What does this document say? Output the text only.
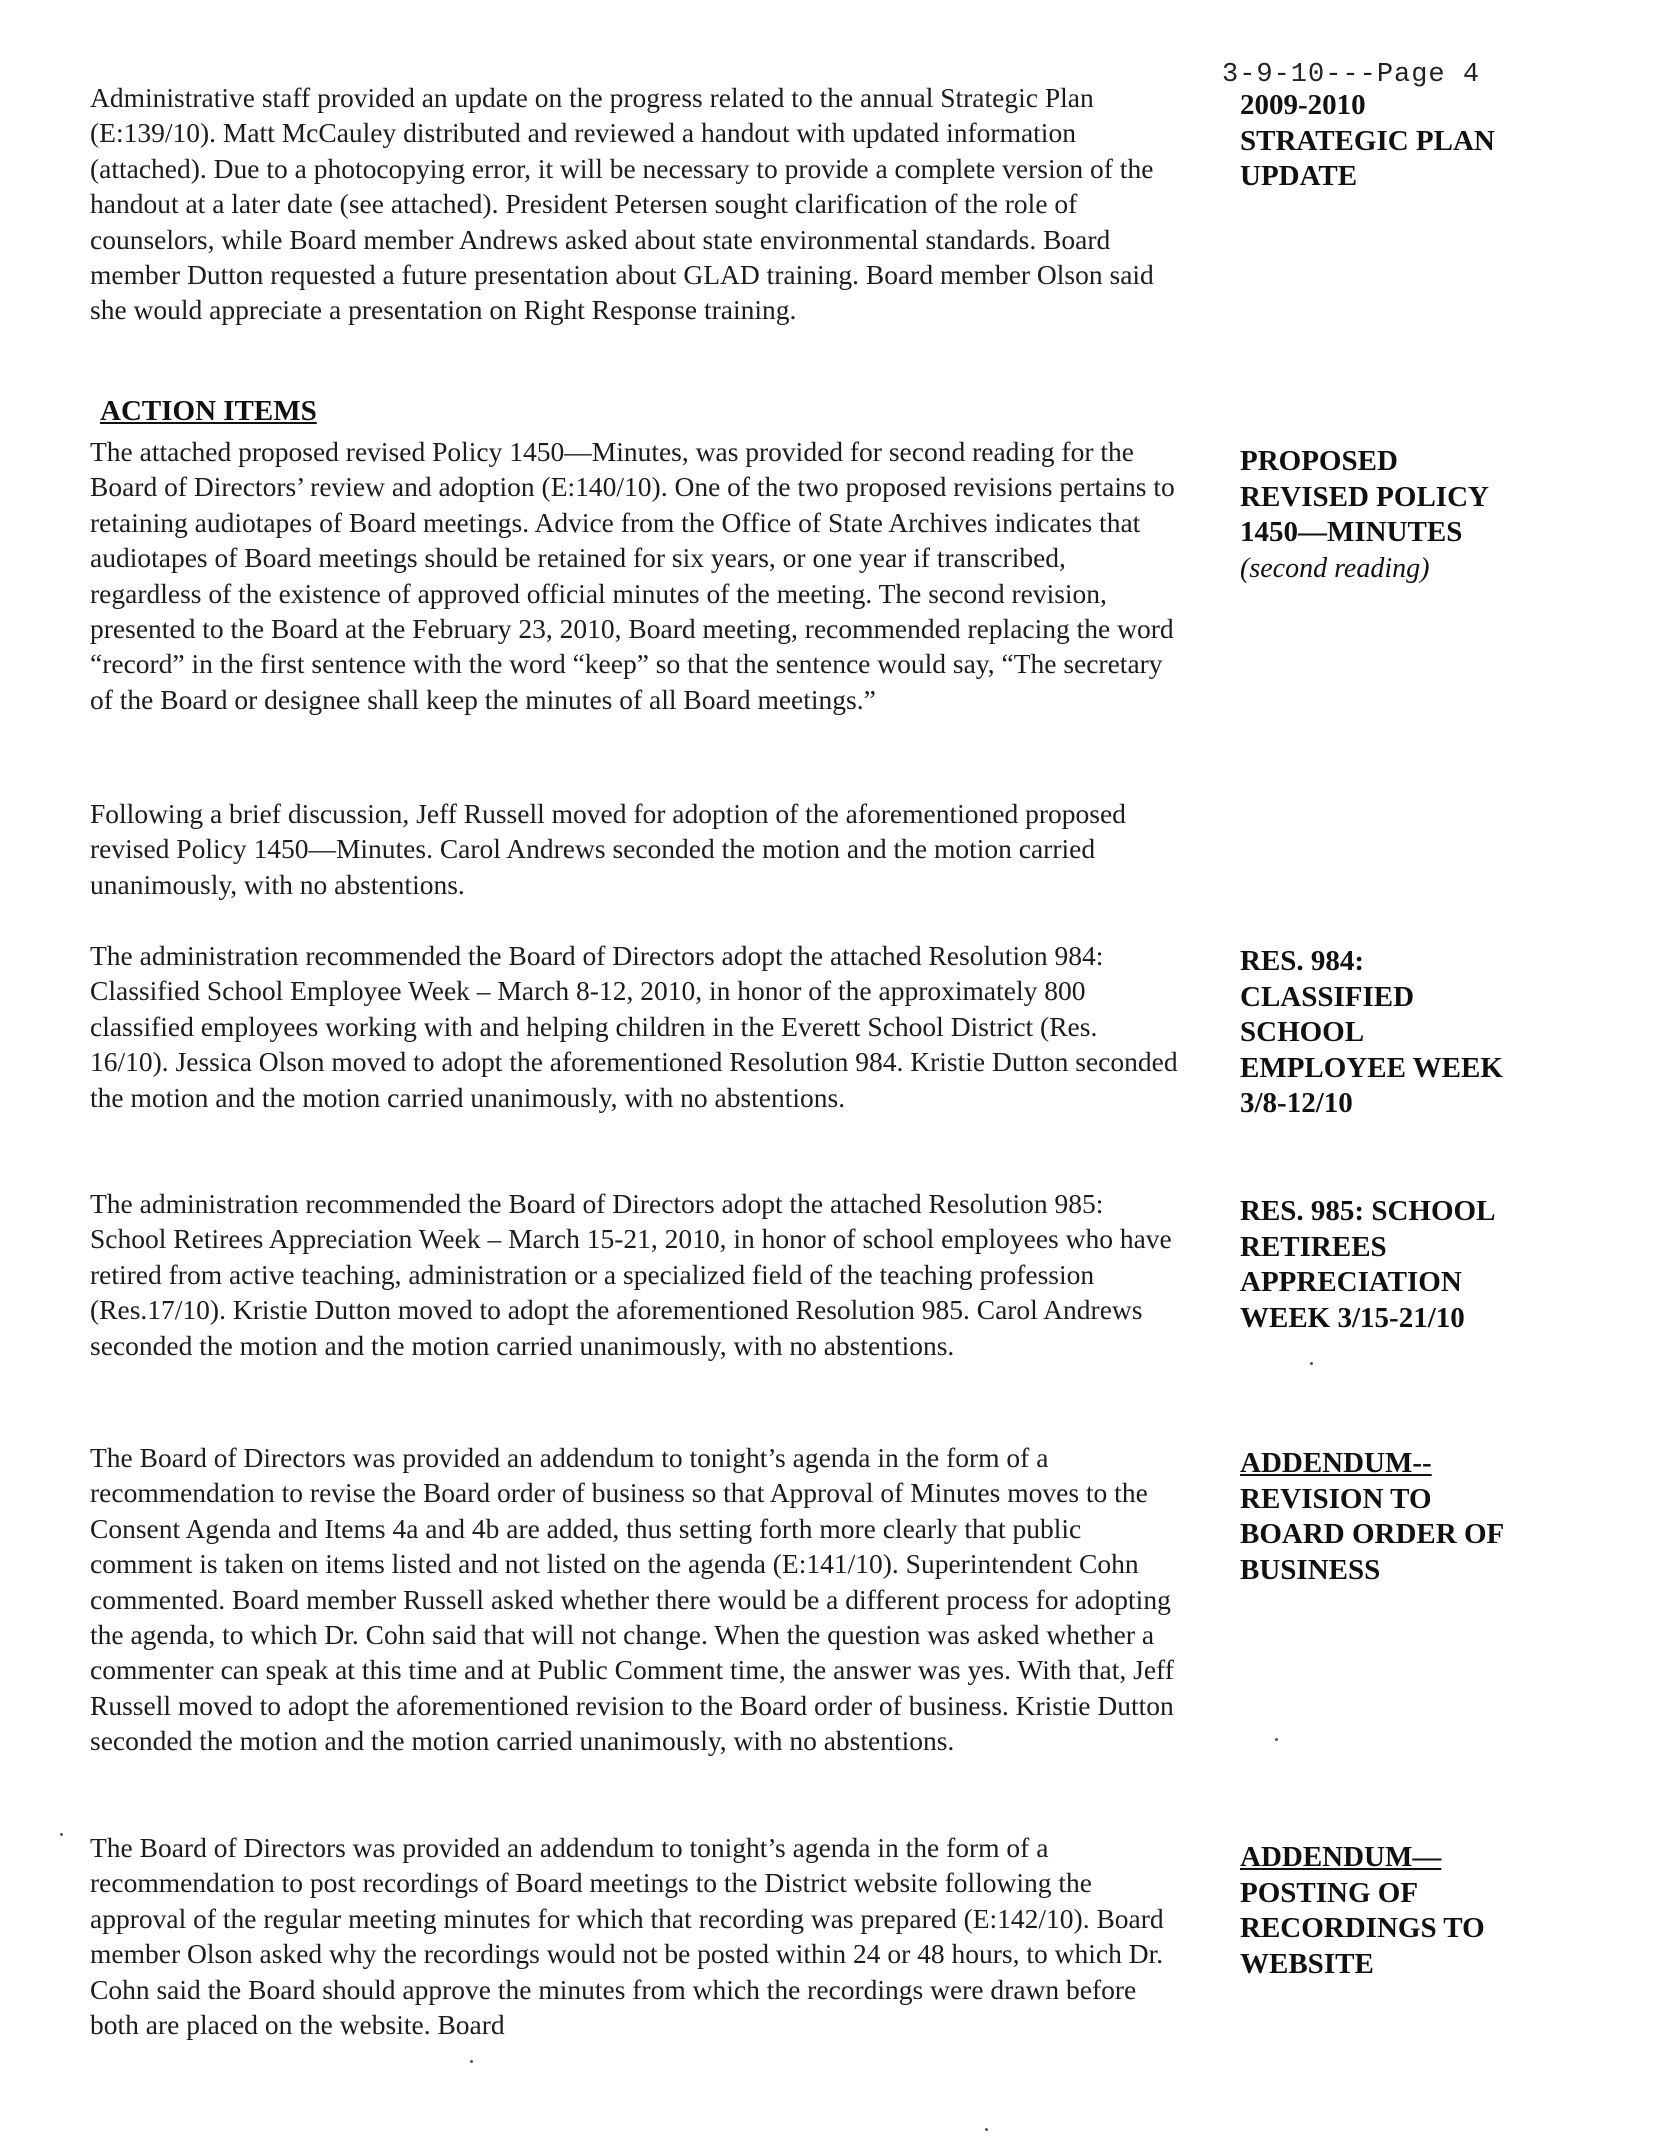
3-9-10---Page 4

Administrative staff provided an update on the progress related to the annual Strategic Plan (E:139/10). Matt McCauley distributed and reviewed a handout with updated information (attached). Due to a photocopying error, it will be necessary to provide a complete version of the handout at a later date (see attached). President Petersen sought clarification of the role of counselors, while Board member Andrews asked about state environmental standards. Board member Dutton requested a future presentation about GLAD training. Board member Olson said she would appreciate a presentation on Right Response training.

2009-2010
STRATEGIC PLAN
UPDATE

ACTION ITEMS

The attached proposed revised Policy 1450—Minutes, was provided for second reading for the Board of Directors’ review and adoption (E:140/10). One of the two proposed revisions pertains to retaining audiotapes of Board meetings. Advice from the Office of State Archives indicates that audiotapes of Board meetings should be retained for six years, or one year if transcribed, regardless of the existence of approved official minutes of the meeting. The second revision, presented to the Board at the February 23, 2010, Board meeting, recommended replacing the word “record” in the first sentence with the word “keep” so that the sentence would say, “The secretary of the Board or designee shall keep the minutes of all Board meetings.”

PROPOSED
REVISED POLICY
1450—MINUTES
(second reading)

Following a brief discussion, Jeff Russell moved for adoption of the aforementioned proposed revised Policy 1450—Minutes. Carol Andrews seconded the motion and the motion carried unanimously, with no abstentions.

The administration recommended the Board of Directors adopt the attached Resolution 984: Classified School Employee Week – March 8-12, 2010, in honor of the approximately 800 classified employees working with and helping children in the Everett School District (Res. 16/10). Jessica Olson moved to adopt the aforementioned Resolution 984. Kristie Dutton seconded the motion and the motion carried unanimously, with no abstentions.

RES. 984:
CLASSIFIED
SCHOOL
EMPLOYEE WEEK
3/8-12/10

The administration recommended the Board of Directors adopt the attached Resolution 985: School Retirees Appreciation Week – March 15-21, 2010, in honor of school employees who have retired from active teaching, administration or a specialized field of the teaching profession (Res.17/10). Kristie Dutton moved to adopt the aforementioned Resolution 985. Carol Andrews seconded the motion and the motion carried unanimously, with no abstentions.

RES. 985: SCHOOL
RETIREES
APPRECIATION
WEEK 3/15-21/10

The Board of Directors was provided an addendum to tonight’s agenda in the form of a recommendation to revise the Board order of business so that Approval of Minutes moves to the Consent Agenda and Items 4a and 4b are added, thus setting forth more clearly that public comment is taken on items listed and not listed on the agenda (E:141/10). Superintendent Cohn commented. Board member Russell asked whether there would be a different process for adopting the agenda, to which Dr. Cohn said that will not change. When the question was asked whether a commenter can speak at this time and at Public Comment time, the answer was yes. With that, Jeff Russell moved to adopt the aforementioned revision to the Board order of business. Kristie Dutton seconded the motion and the motion carried unanimously, with no abstentions.

ADDENDUM--
REVISION TO
BOARD ORDER OF
BUSINESS

The Board of Directors was provided an addendum to tonight’s agenda in the form of a recommendation to post recordings of Board meetings to the District website following the approval of the regular meeting minutes for which that recording was prepared (E:142/10). Board member Olson asked why the recordings would not be posted within 24 or 48 hours, to which Dr. Cohn said the Board should approve the minutes from which the recordings were drawn before both are placed on the website. Board

ADDENDUM—
POSTING OF
RECORDINGS TO
WEBSITE
